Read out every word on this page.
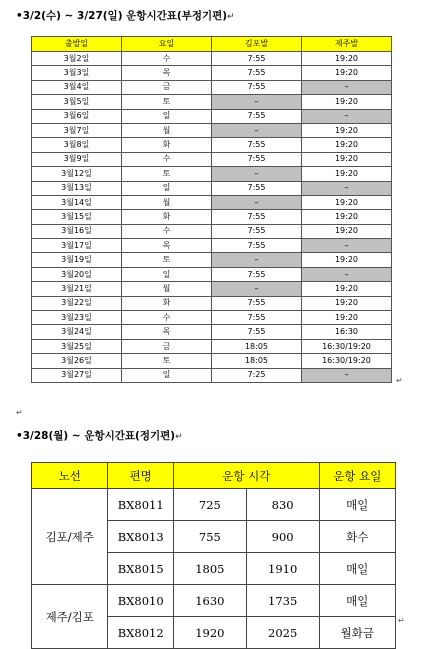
•3/2(수) ~ 3/27(일) 운항시간표(부정기편)↵
출발일	요일	김포발	제주발
3월2일	수	7:55	19:20
3월3일	목	7:55	19:20
3월4일	금	7:55	–
3월5일	토	–	19:20
3월6일	일	7:55	–
3월7일	월	–	19:20
3월8일	화	7:55	19:20
3월9일	수	7:55	19:20
3월12일	토	–	19:20
3월13일	일	7:55	–
3월14일	월	–	19:20
3월15일	화	7:55	19:20
3월16일	수	7:55	19:20
3월17일	목	7:55	–
3월19일	토	–	19:20
3월20일	일	7:55	–
3월21일	월	–	19:20
3월22일	화	7:55	19:20
3월23일	수	7:55	19:20
3월24일	목	7:55	16:30
3월25일	금	18:05	16:30/19:20
3월26일	토	18:05	16:30/19:20
3월27일	일	7:25	–
↵
↵
•3/28(월) ~ 운항시간표(정기편)↵
노선	편명	운항 시각		운항 요일
김포/제주	BX8011	725	830	매일
	BX8013	755	900	화수
	BX8015	1805	1910	매일
제주/김포	BX8010	1630	1735	매일
	BX8012	1920	2025	월화금
↵
